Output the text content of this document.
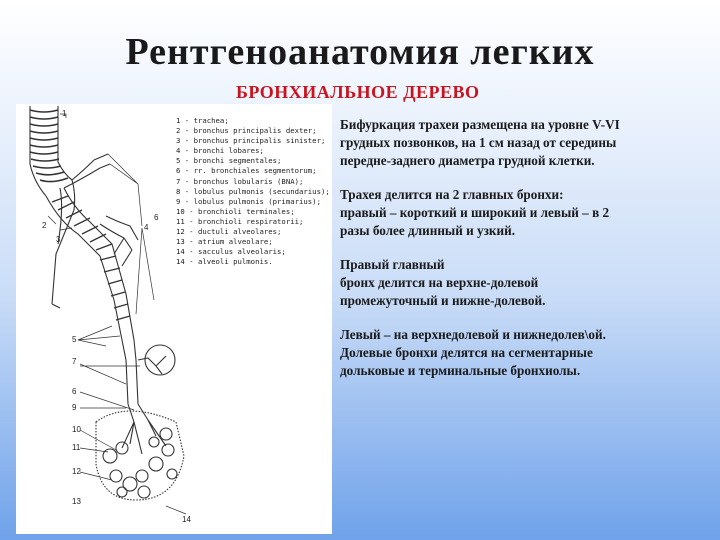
Рентгеноанатомия легких
БРОНХИАЛЬНОЕ ДЕРЕВО
1
2
3
4
6
5
7
6
9
10
11
12
13
14
1 - trachea;
2 - bronchus principalis dexter;
3 - bronchus principalis sinister;
4 - bronchi lobares;
5 - bronchi segmentales;
6 - rr. bronchiales segmentorum;
7 - bronchus lobularis (BNA);
8 - lobulus pulmonis (secundarius);
9 - lobulus pulmonis (primarius);
10 - bronchioli terminales;
11 - bronchioli respiratorii;
12 - ductuli alveolares;
13 - atrium alveolare;
14 - sacculus alveolaris;
14 - alveoli pulmonis.
Бифуркация трахеи размещена на уровне V-VI
грудных позвонков, на 1 см назад от середины
передне-заднего диаметра грудной клетки.
Трахея делится на 2 главных бронхи:
правый – короткий и широкий и левый – в 2
разы более длинный и узкий.
Правый главный
бронх делится на верхне-долевой
промежуточный и нижне-долевой.
Левый – на верхнедолевой и нижнедолев\ой.
Долевые бронхи делятся на сегментарные
дольковые и терминальные бронхиолы.
